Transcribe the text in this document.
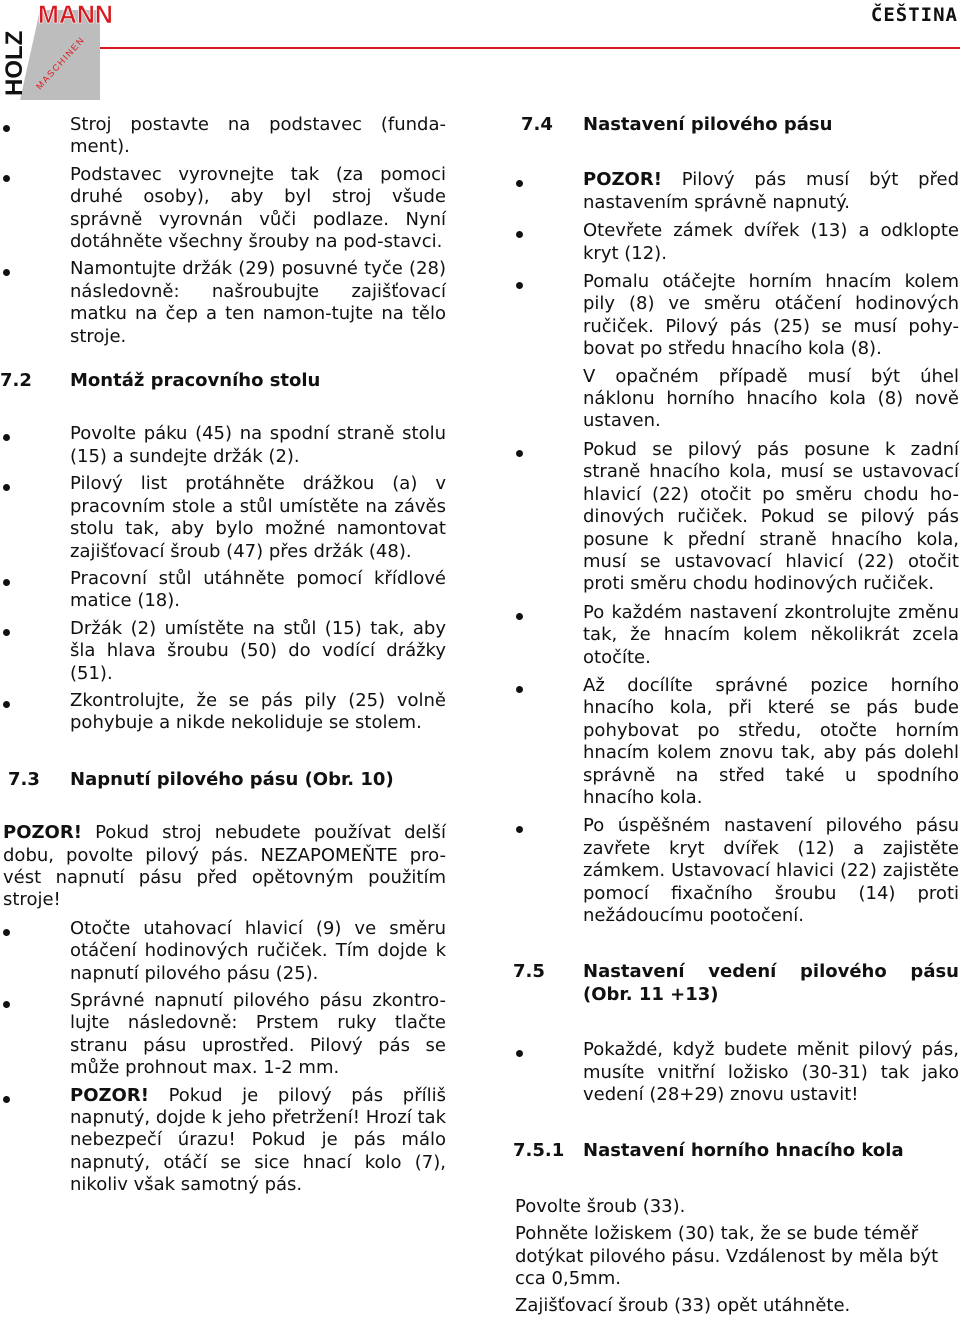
MANN
HOLZ MASCHINEN
ČEŠTINA
Stroj postavte na podstavec (funda-ment).
Podstavec vyrovnejte tak (za pomoci druhé osoby), aby byl stroj všude správně vyrovnán vůči podlaze. Nyní dotáhněte všechny šrouby na pod-stavci.
Namontujte držák (29) posuvné tyče (28) následovně: našroubujte zajišťovací matku na čep a ten namon-tujte na tělo stroje.
7.2	Montáž pracovního stolu
Povolte páku (45) na spodní straně stolu (15) a sundejte držák (2).
Pilový list protáhněte drážkou (a) v pracovním stole a stůl umístěte na závěs stolu tak, aby bylo možné namontovat zajišťovací šroub (47) přes držák (48).
Pracovní stůl utáhněte pomocí křídlové matice (18).
Držák (2) umístěte na stůl (15) tak, aby šla hlava šroubu (50) do vodící drážky (51).
Zkontrolujte, že se pás pily (25) volně pohybuje a nikde nekoliduje se stolem.
7.3	Napnutí pilového pásu (Obr. 10)

POZOR! Pokud stroj nebudete používat delší dobu, povolte pilový pás. NEZAPOMEŇTE pro-vést napnutí pásu před opětovným použitím stroje!

Otočte utahovací hlavicí (9) ve směru otáčení hodinových ručiček. Tím dojde k napnutí pilového pásu (25).
Správné napnutí pilového pásu zkontro-lujte následovně: Prstem ruky tlačte stranu pásu uprostřed. Pilový pás se může prohnout max. 1-2 mm.
POZOR! Pokud je pilový pás příliš napnutý, dojde k jeho přetržení! Hrozí tak nebezpečí úrazu! Pokud je pás málo napnutý, otáčí se sice hnací kolo (7), nikoliv však samotný pás.
7.4	Nastavení pilového pásu
POZOR! Pilový pás musí být před nastavením správně napnutý.
Otevřete zámek dvířek (13) a odklopte kryt (12).
Pomalu otáčejte horním hnacím kolem pily (8) ve směru otáčení hodinových ručiček. Pilový pás (25) se musí pohy-bovat po středu hnacího kola (8).
V opačném případě musí být úhel náklonu horního hnacího kola (8) nově ustaven.
Pokud se pilový pás posune k zadní straně hnacího kola, musí se ustavovací hlavicí (22) otočit po směru chodu ho-dinových ručiček. Pokud se pilový pás posune k přední straně hnacího kola, musí se ustavovací hlavicí (22) otočit proti směru chodu hodinových ručiček.
Po každém nastavení zkontrolujte změnu tak, že hnacím kolem několikrát zcela otočíte.
Až docílíte správné pozice horního hnacího kola, při které se pás bude pohybovat po středu, otočte horním hnacím kolem znovu tak, aby pás dolehl správně na střed také u spodního hnacího kola.
Po úspěšném nastavení pilového pásu zavřete kryt dvířek (12) a zajistěte zámkem. Ustavovací hlavici (22) zajistěte pomocí fixačního šroubu (14) proti nežádoucímu pootočení.
7.5	Nastavení vedení pilového pásu (Obr. 11 +13)
Pokaždé, když budete měnit pilový pás, musíte vnitřní ložisko (30-31) tak jako vedení (28+29) znovu ustavit!
7.5.1	Nastavení horního hnacího kola

Povolte šroub (33).

Pohněte ložiskem (30) tak, že se bude téměř dotýkat pilového pásu. Vzdálenost by měla být cca 0,5mm.

Zajišťovací šroub (33) opět utáhněte.
